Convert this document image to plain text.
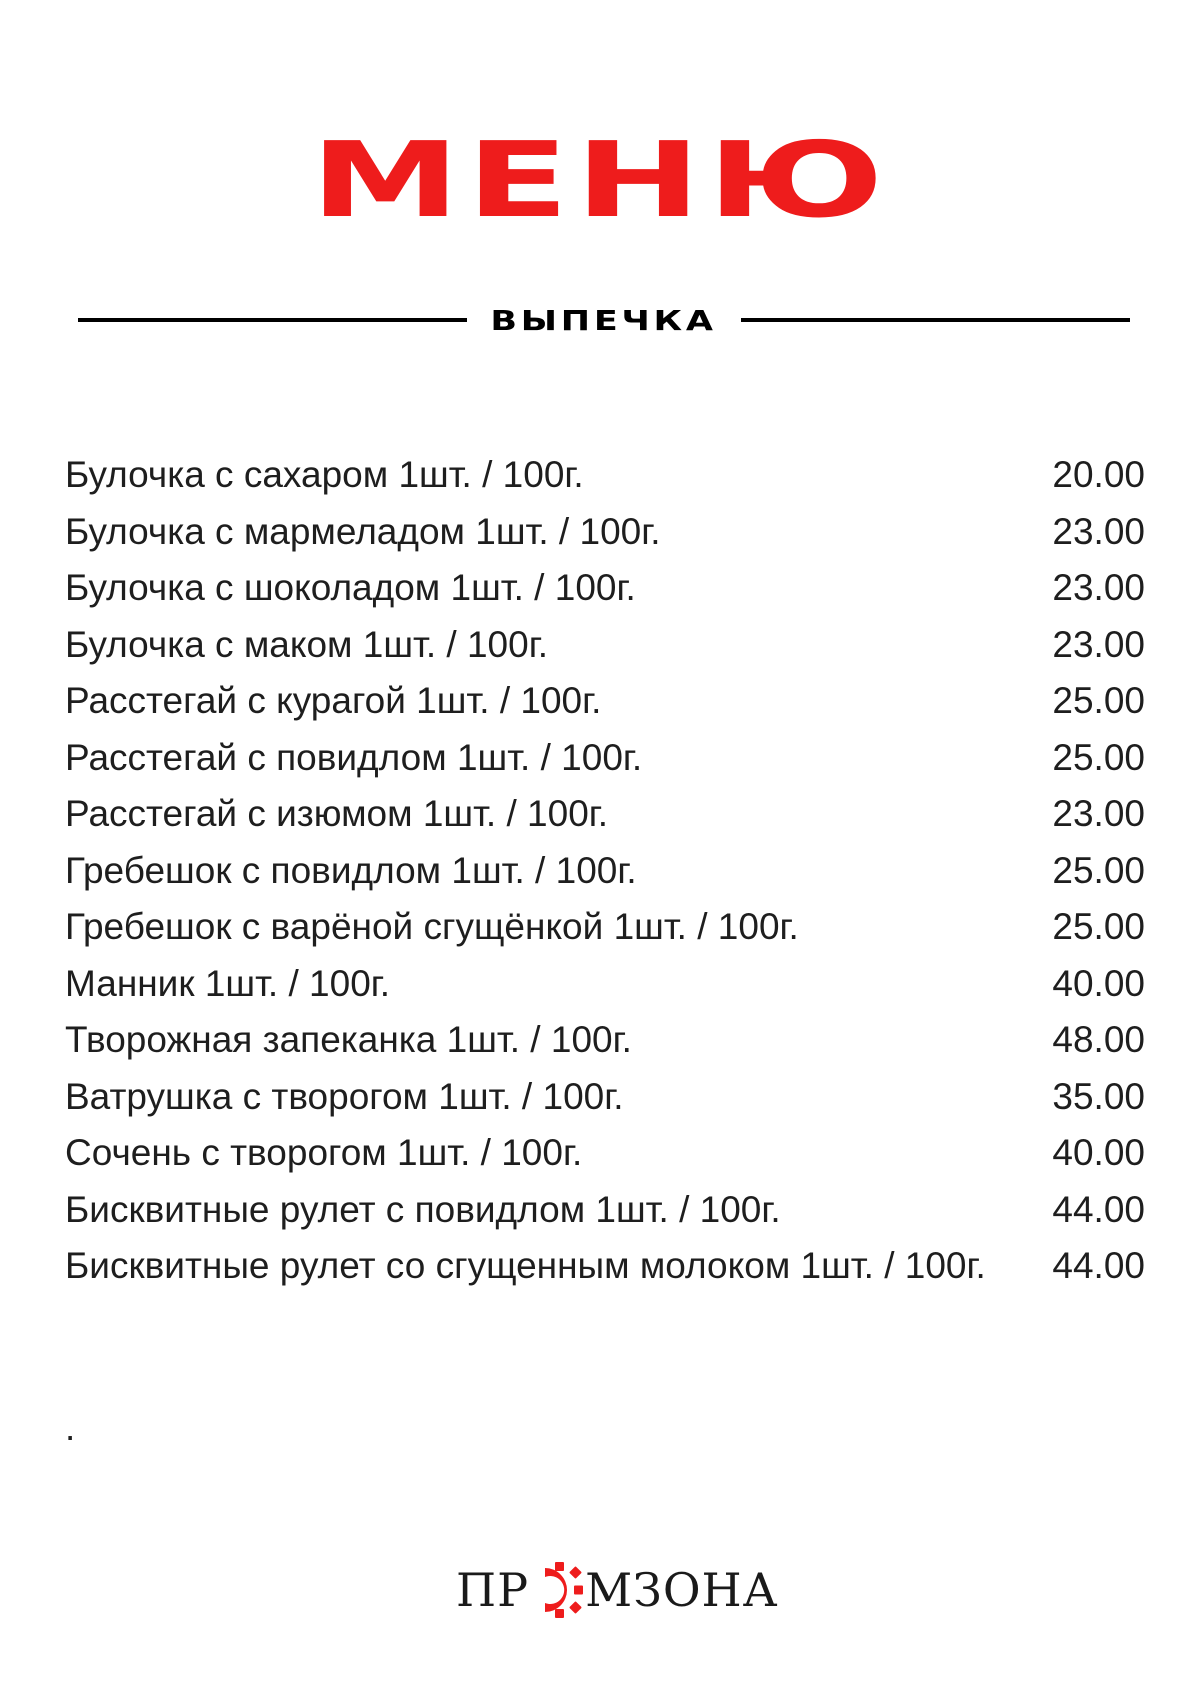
МЕНЮ
ВЫПЕЧКА
Булочка с сахаром 1шт. / 100г.	20.00
Булочка с мармеладом 1шт. / 100г.	23.00
Булочка с шоколадом 1шт. / 100г.	23.00
Булочка с маком 1шт. / 100г.	23.00
Расстегай с курагой 1шт. / 100г.	25.00
Расстегай с повидлом 1шт. / 100г.	25.00
Расстегай с изюмом 1шт. / 100г.	23.00
Гребешок с повидлом 1шт. / 100г.	25.00
Гребешок с варёной сгущёнкой 1шт. / 100г.	25.00
Манник 1шт. / 100г.	40.00
Творожная запеканка 1шт. / 100г.	48.00
Ватрушка с творогом 1шт. / 100г.	35.00
Сочень с творогом 1шт. / 100г.	40.00
Бисквитные рулет с повидлом 1шт. / 100г.	44.00
Бисквитные рулет со сгущенным молоком 1шт. / 100г.	44.00
.
ПР МЗОНА
